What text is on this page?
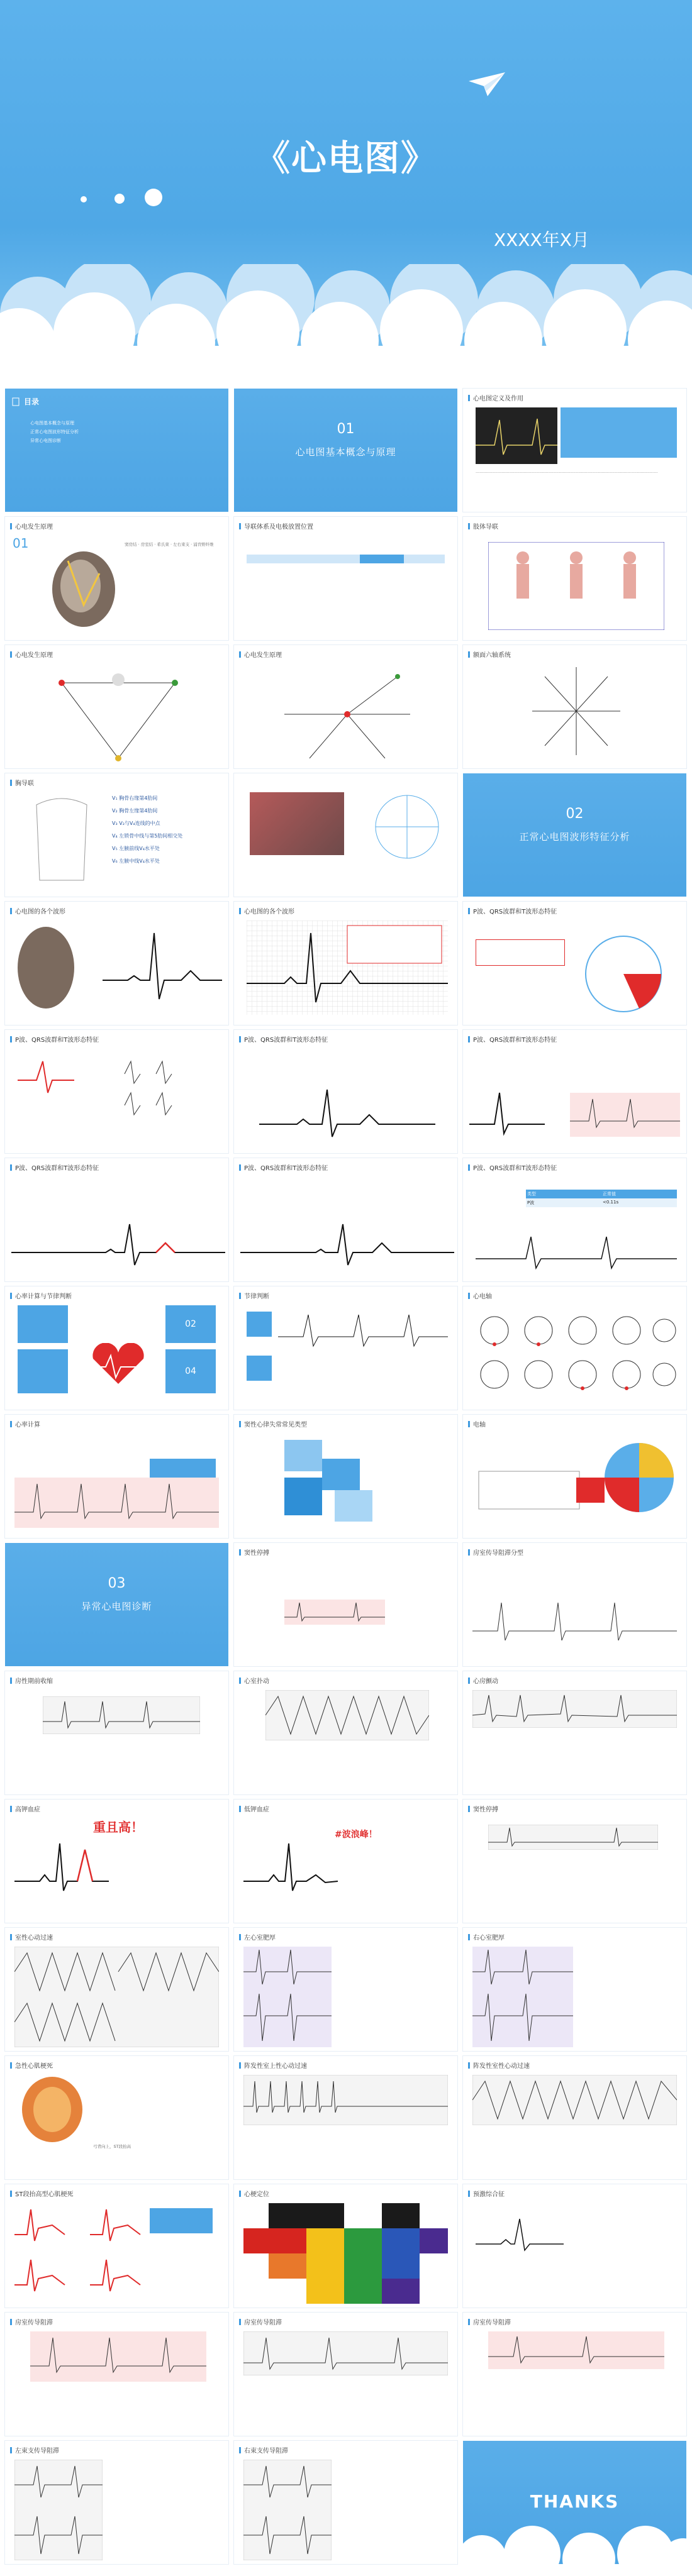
《心电图》
XXXX年X月
目录
心电图基本概念与原理
正常心电图波形特征分析
异常心电图诊断
01
心电图基本概念与原理
心电图定义及作用
············································································································································
心电发生原理
01	窦房结 · 房室结 · 希氏束 · 左右束支 · 浦肯野纤维
导联体系及电极放置位置	肢体导联
心电发生原理	心电发生原理	额面六轴系统
胸导联
V₁ 胸骨右缘第4肋间
V₂ 胸骨左缘第4肋间
V₃ V₂与V₄连线的中点
V₄ 左锁骨中线与第5肋间相交处
V₅ 左腋前线V₄水平处
V₆ 左腋中线V₄水平处
02
正常心电图波形特征分析
心电图的各个波形	心电图的各个波形	P波、QRS波群和T波形态特征
P波、QRS波群和T波形态特征	P波、QRS波群和T波形态特征	P波、QRS波群和T波形态特征
P波、QRS波群和T波形态特征	P波、QRS波群和T波形态特征	P波、QRS波群和T波形态特征
类型	正常值
P波	<0.11s
心率计算与节律判断
02
04
节律判断	心电轴
心率计算	窦性心律失常常见类型	电轴
03
异常心电图诊断
窦性停搏	房室传导阻滞分型
房性期前收缩	心室扑动	心房颤动
高钾血症
重且高！
低钾血症
#波浪峰！
窦性停搏
室性心动过速	左心室肥厚	右心室肥厚
急性心肌梗死
弓背向上，ST段抬高
阵发性室上性心动过速	阵发性室性心动过速
ST段抬高型心肌梗死	心梗定位	预激综合征
房室传导阻滞	房室传导阻滞	房室传导阻滞
左束支传导阻滞	右束支传导阻滞
THANKS
